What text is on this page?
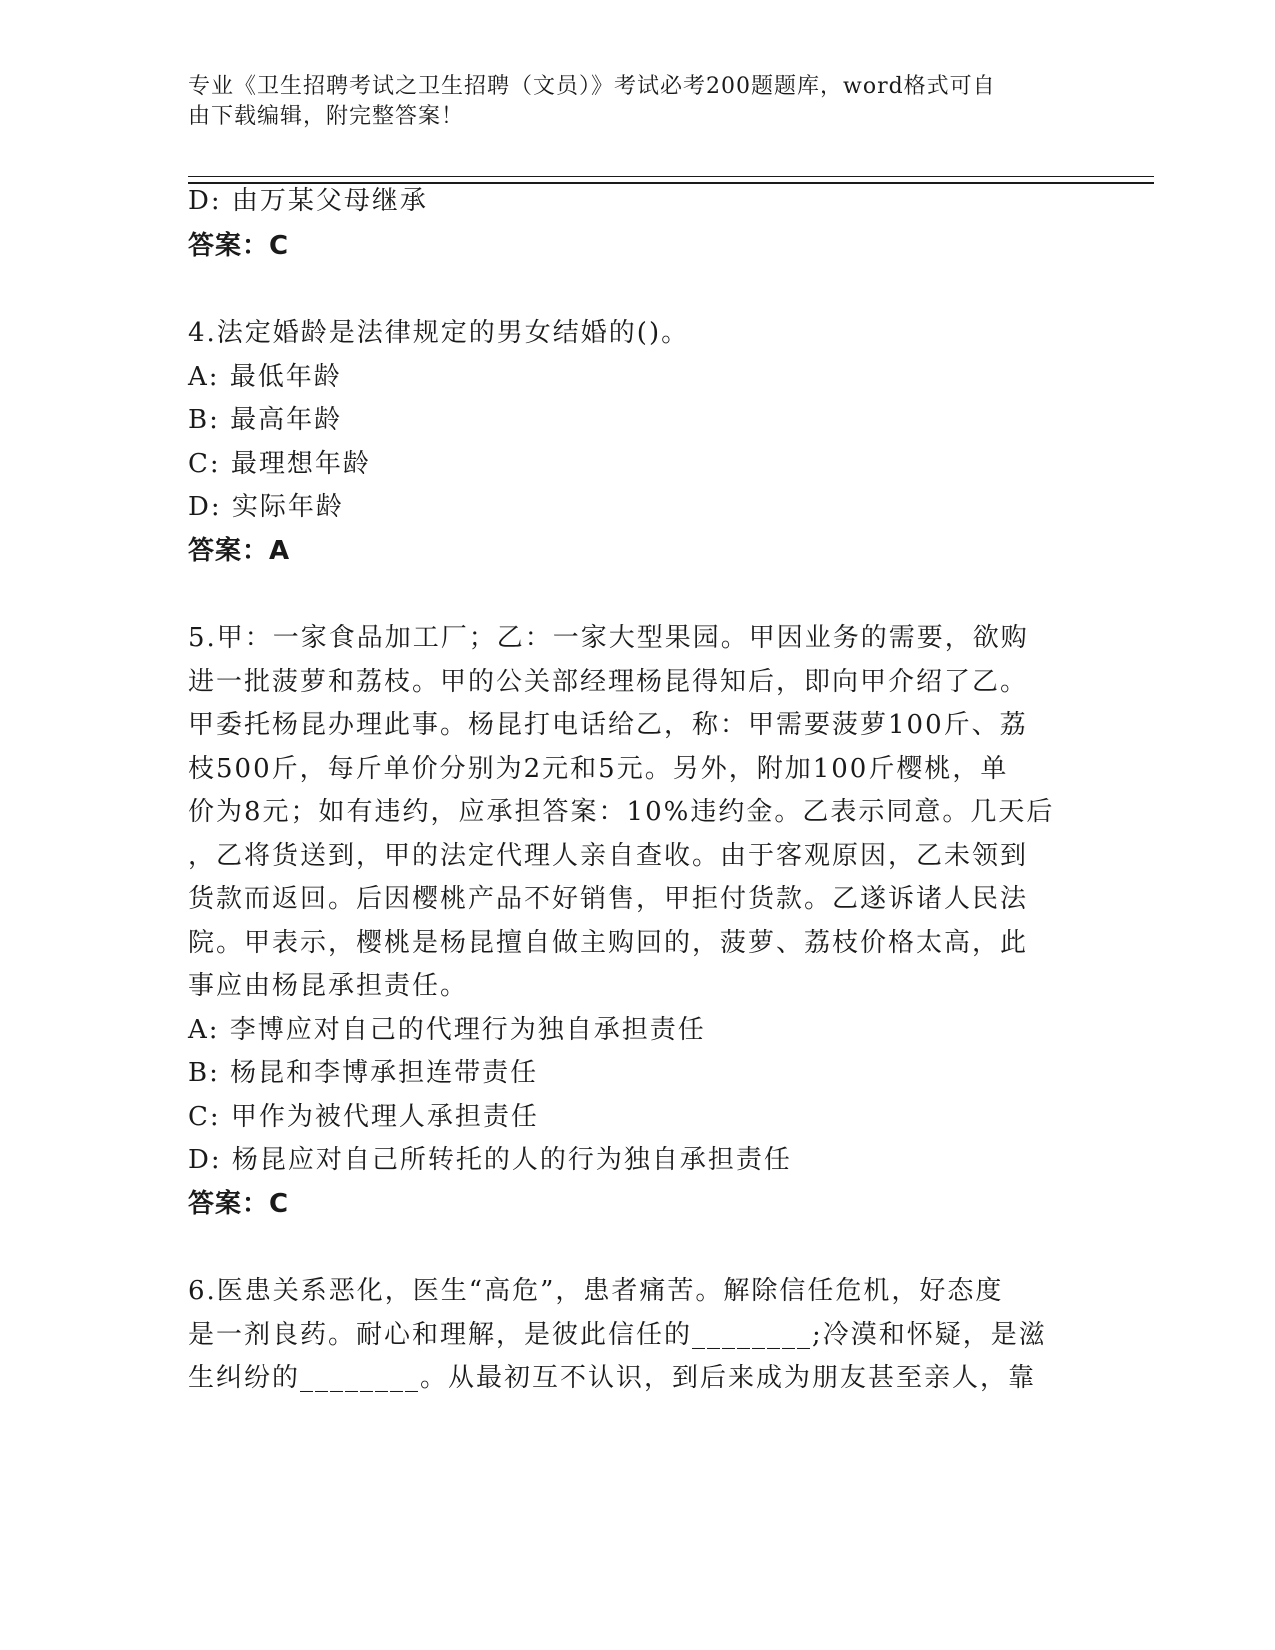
专业《卫生招聘考试之卫生招聘（文员）》考试必考200题题库，word格式可自
由下载编辑，附完整答案！
D: 由万某父母继承
答案：C
4.法定婚龄是法律规定的男女结婚的()。
A: 最低年龄
B: 最高年龄
C: 最理想年龄
D: 实际年龄
答案：A
5.甲：一家食品加工厂；乙：一家大型果园。甲因业务的需要，欲购
进一批菠萝和荔枝。甲的公关部经理杨昆得知后，即向甲介绍了乙。
甲委托杨昆办理此事。杨昆打电话给乙，称：甲需要菠萝100斤、荔
枝500斤，每斤单价分别为2元和5元。另外，附加100斤樱桃，单
价为8元；如有违约，应承担答案：10%违约金。乙表示同意。几天后
，乙将货送到，甲的法定代理人亲自查收。由于客观原因，乙未领到
货款而返回。后因樱桃产品不好销售，甲拒付货款。乙遂诉诸人民法
院。甲表示，樱桃是杨昆擅自做主购回的，菠萝、荔枝价格太高，此
事应由杨昆承担责任。
A: 李博应对自己的代理行为独自承担责任
B: 杨昆和李博承担连带责任
C: 甲作为被代理人承担责任
D: 杨昆应对自己所转托的人的行为独自承担责任
答案：C
6.医患关系恶化，医生“高危”，患者痛苦。解除信任危机，好态度
是一剂良药。耐心和理解，是彼此信任的________;冷漠和怀疑，是滋
生纠纷的________。从最初互不认识，到后来成为朋友甚至亲人，靠
